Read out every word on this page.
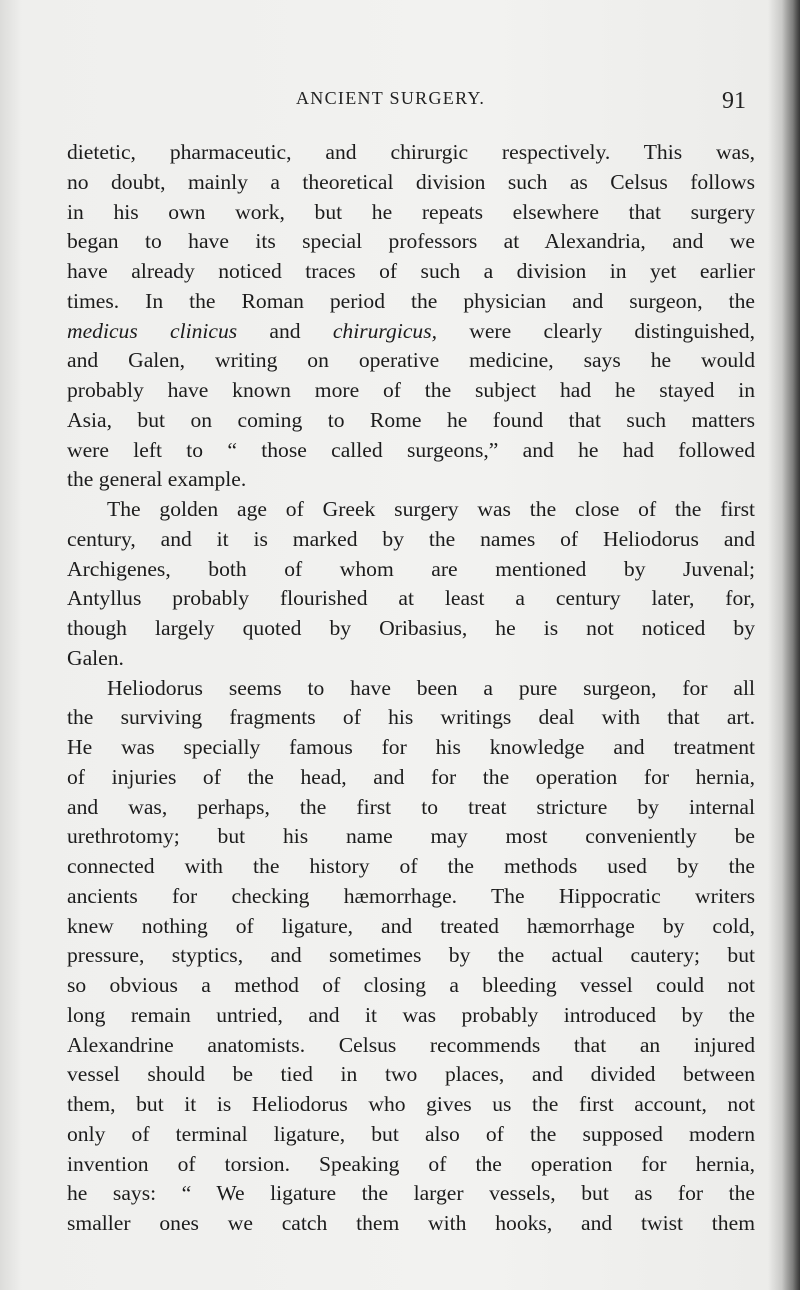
ANCIENT SURGERY.	91
dietetic, pharmaceutic, and chirurgic respectively. This was,
no doubt, mainly a theoretical division such as Celsus follows
in his own work, but he repeats elsewhere that surgery
began to have its special professors at Alexandria, and we
have already noticed traces of such a division in yet earlier
times. In the Roman period the physician and surgeon, the
medicus clinicus and chirurgicus, were clearly distinguished,
and Galen, writing on operative medicine, says he would
probably have known more of the subject had he stayed in
Asia, but on coming to Rome he found that such matters
were left to “ those called surgeons,” and he had followed
the general example.
The golden age of Greek surgery was the close of the first
century, and it is marked by the names of Heliodorus and
Archigenes, both of whom are mentioned by Juvenal;
Antyllus probably flourished at least a century later, for,
though largely quoted by Oribasius, he is not noticed by
Galen.
Heliodorus seems to have been a pure surgeon, for all
the surviving fragments of his writings deal with that art.
He was specially famous for his knowledge and treatment
of injuries of the head, and for the operation for hernia,
and was, perhaps, the first to treat stricture by internal
urethrotomy; but his name may most conveniently be
connected with the history of the methods used by the
ancients for checking hæmorrhage. The Hippocratic writers
knew nothing of ligature, and treated hæmorrhage by cold,
pressure, styptics, and sometimes by the actual cautery; but
so obvious a method of closing a bleeding vessel could not
long remain untried, and it was probably introduced by the
Alexandrine anatomists. Celsus recommends that an injured
vessel should be tied in two places, and divided between
them, but it is Heliodorus who gives us the first account, not
only of terminal ligature, but also of the supposed modern
invention of torsion. Speaking of the operation for hernia,
he says: “ We ligature the larger vessels, but as for the
smaller ones we catch them with hooks, and twist them
